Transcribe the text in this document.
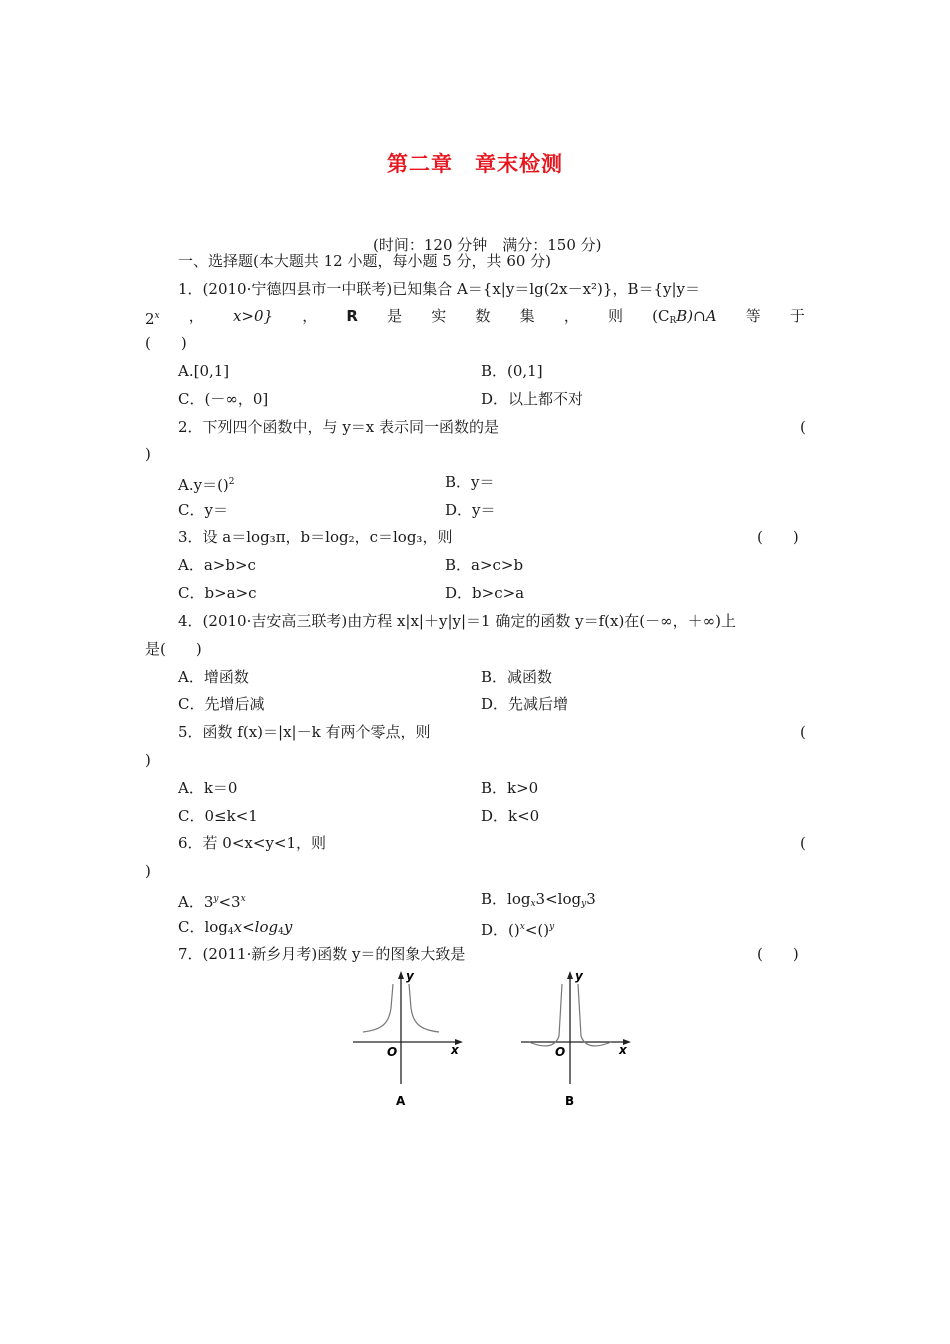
第二章　章末检测
(时间：120 分钟　满分：150 分)
一、选择题(本大题共 12 小题，每小题 5 分，共 60 分)
1．(2010·宁德四县市一中联考)已知集合 A＝{x|y＝lg(2x－x²)}，B＝{y|y＝
$2^x$ ， x>0} ， R 是 实 数 集 ， 则 $(C_RB)\cap A$ 等 于
(　　)
A.[0,1]	B．(0,1]
C．(－∞，0]	D．以上都不对
2．下列四个函数中，与 y＝x 表示同一函数的是	(
)
A.y＝()$^2$	B．y＝
C．y＝	D．y＝
3．设 a＝log₃π，b＝log₂，c＝log₃，则	(　　)
A．a>b>c	B．a>c>b
C．b>a>c	D．b>c>a
4．(2010·吉安高三联考)由方程 x|x|＋y|y|＝1 确定的函数 y＝f(x)在(－∞，＋∞)上
是(　　)
A．增函数	B．减函数
C．先增后减	D．先减后增
5．函数 f(x)＝|x|－k 有两个零点，则	(
)
A．k＝0	B．k>0
C．0≤k<1	D．k<0
6．若 0<x<y<1，则	(
)
A．$3^y<3^x$	B．$\log_x3<\log_y3$
C．$\log_4x<\log_4y$	D．()$^x$<()$^y$
7．(2011·新乡月考)函数 y＝的图象大致是	(　　)
y
x
O
A
y
x
O
B
